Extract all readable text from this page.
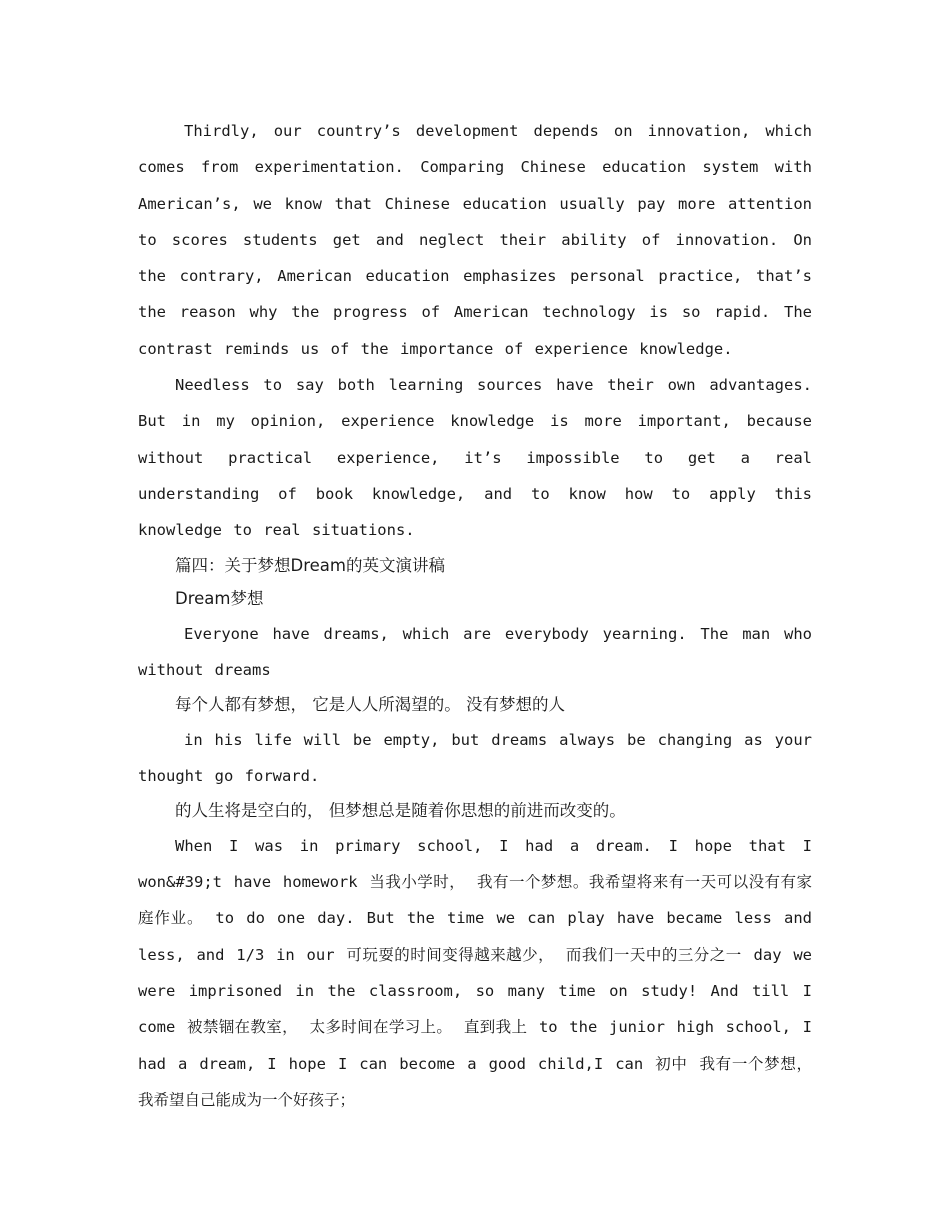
Thirdly, our country’s development depends on innovation, which comes from experimentation. Comparing Chinese education system with American’s, we know that Chinese education usually pay more attention to scores students get and neglect their ability of innovation. On the contrary, American education emphasizes personal practice, that’s the reason why the progress of American technology is so rapid. The contrast reminds us of the importance of experience knowledge.

Needless to say both learning sources have their own advantages. But in my opinion, experience knowledge is more important, because without practical experience, it’s impossible to get a real understanding of book knowledge, and to know how to apply this knowledge to real situations.

篇四：关于梦想Dream的英文演讲稿

Dream梦想

Everyone have dreams, which are everybody yearning. The man who without dreams

每个人都有梦想， 它是人人所渴望的。 没有梦想的人

in his life will be empty, but dreams always be changing as your thought go forward.

的人生将是空白的， 但梦想总是随着你思想的前进而改变的。

When I was in primary school, I had a dream. I hope that I won&#39;t have homework 当我小学时， 我有一个梦想。我希望将来有一天可以没有有家庭作业。 to do one day. But the time we can play have became less and less, and 1/3 in our 可玩耍的时间变得越来越少， 而我们一天中的三分之一 day we were imprisoned in the classroom, so many time on study! And till I come 被禁锢在教室， 太多时间在学习上。 直到我上 to the junior high school, I had a dream, I hope I can become a good child,I can 初中 我有一个梦想，我希望自己能成为一个好孩子；
